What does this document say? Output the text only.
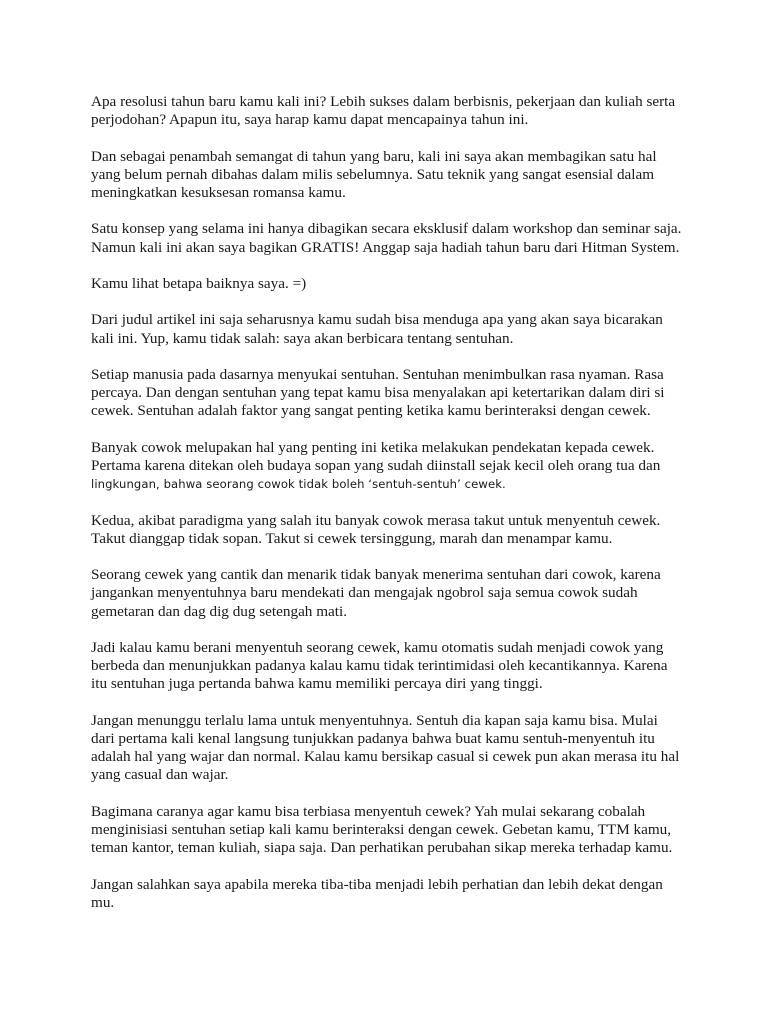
Apa resolusi tahun baru kamu kali ini? Lebih sukses dalam berbisnis, pekerjaan dan kuliah serta
perjodohan? Apapun itu, saya harap kamu dapat mencapainya tahun ini.

Dan sebagai penambah semangat di tahun yang baru, kali ini saya akan membagikan satu hal
yang belum pernah dibahas dalam milis sebelumnya. Satu teknik yang sangat esensial dalam
meningkatkan kesuksesan romansa kamu.

Satu konsep yang selama ini hanya dibagikan secara eksklusif dalam workshop dan seminar saja.
Namun kali ini akan saya bagikan GRATIS! Anggap saja hadiah tahun baru dari Hitman System.

Kamu lihat betapa baiknya saya. =)

Dari judul artikel ini saja seharusnya kamu sudah bisa menduga apa yang akan saya bicarakan
kali ini. Yup, kamu tidak salah: saya akan berbicara tentang sentuhan.

Setiap manusia pada dasarnya menyukai sentuhan. Sentuhan menimbulkan rasa nyaman. Rasa
percaya. Dan dengan sentuhan yang tepat kamu bisa menyalakan api ketertarikan dalam diri si
cewek. Sentuhan adalah faktor yang sangat penting ketika kamu berinteraksi dengan cewek.

Banyak cowok melupakan hal yang penting ini ketika melakukan pendekatan kepada cewek.
Pertama karena ditekan oleh budaya sopan yang sudah diinstall sejak kecil oleh orang tua dan
lingkungan, bahwa seorang cowok tidak boleh ‘sentuh-sentuh’ cewek.

Kedua, akibat paradigma yang salah itu banyak cowok merasa takut untuk menyentuh cewek.
Takut dianggap tidak sopan. Takut si cewek tersinggung, marah dan menampar kamu.

Seorang cewek yang cantik dan menarik tidak banyak menerima sentuhan dari cowok, karena
jangankan menyentuhnya baru mendekati dan mengajak ngobrol saja semua cowok sudah
gemetaran dan dag dig dug setengah mati.

Jadi kalau kamu berani menyentuh seorang cewek, kamu otomatis sudah menjadi cowok yang
berbeda dan menunjukkan padanya kalau kamu tidak terintimidasi oleh kecantikannya. Karena
itu sentuhan juga pertanda bahwa kamu memiliki percaya diri yang tinggi.

Jangan menunggu terlalu lama untuk menyentuhnya. Sentuh dia kapan saja kamu bisa. Mulai
dari pertama kali kenal langsung tunjukkan padanya bahwa buat kamu sentuh-menyentuh itu
adalah hal yang wajar dan normal. Kalau kamu bersikap casual si cewek pun akan merasa itu hal
yang casual dan wajar.

Bagimana caranya agar kamu bisa terbiasa menyentuh cewek? Yah mulai sekarang cobalah
menginisiasi sentuhan setiap kali kamu berinteraksi dengan cewek. Gebetan kamu, TTM kamu,
teman kantor, teman kuliah, siapa saja. Dan perhatikan perubahan sikap mereka terhadap kamu.

Jangan salahkan saya apabila mereka tiba-tiba menjadi lebih perhatian dan lebih dekat dengan
mu.
